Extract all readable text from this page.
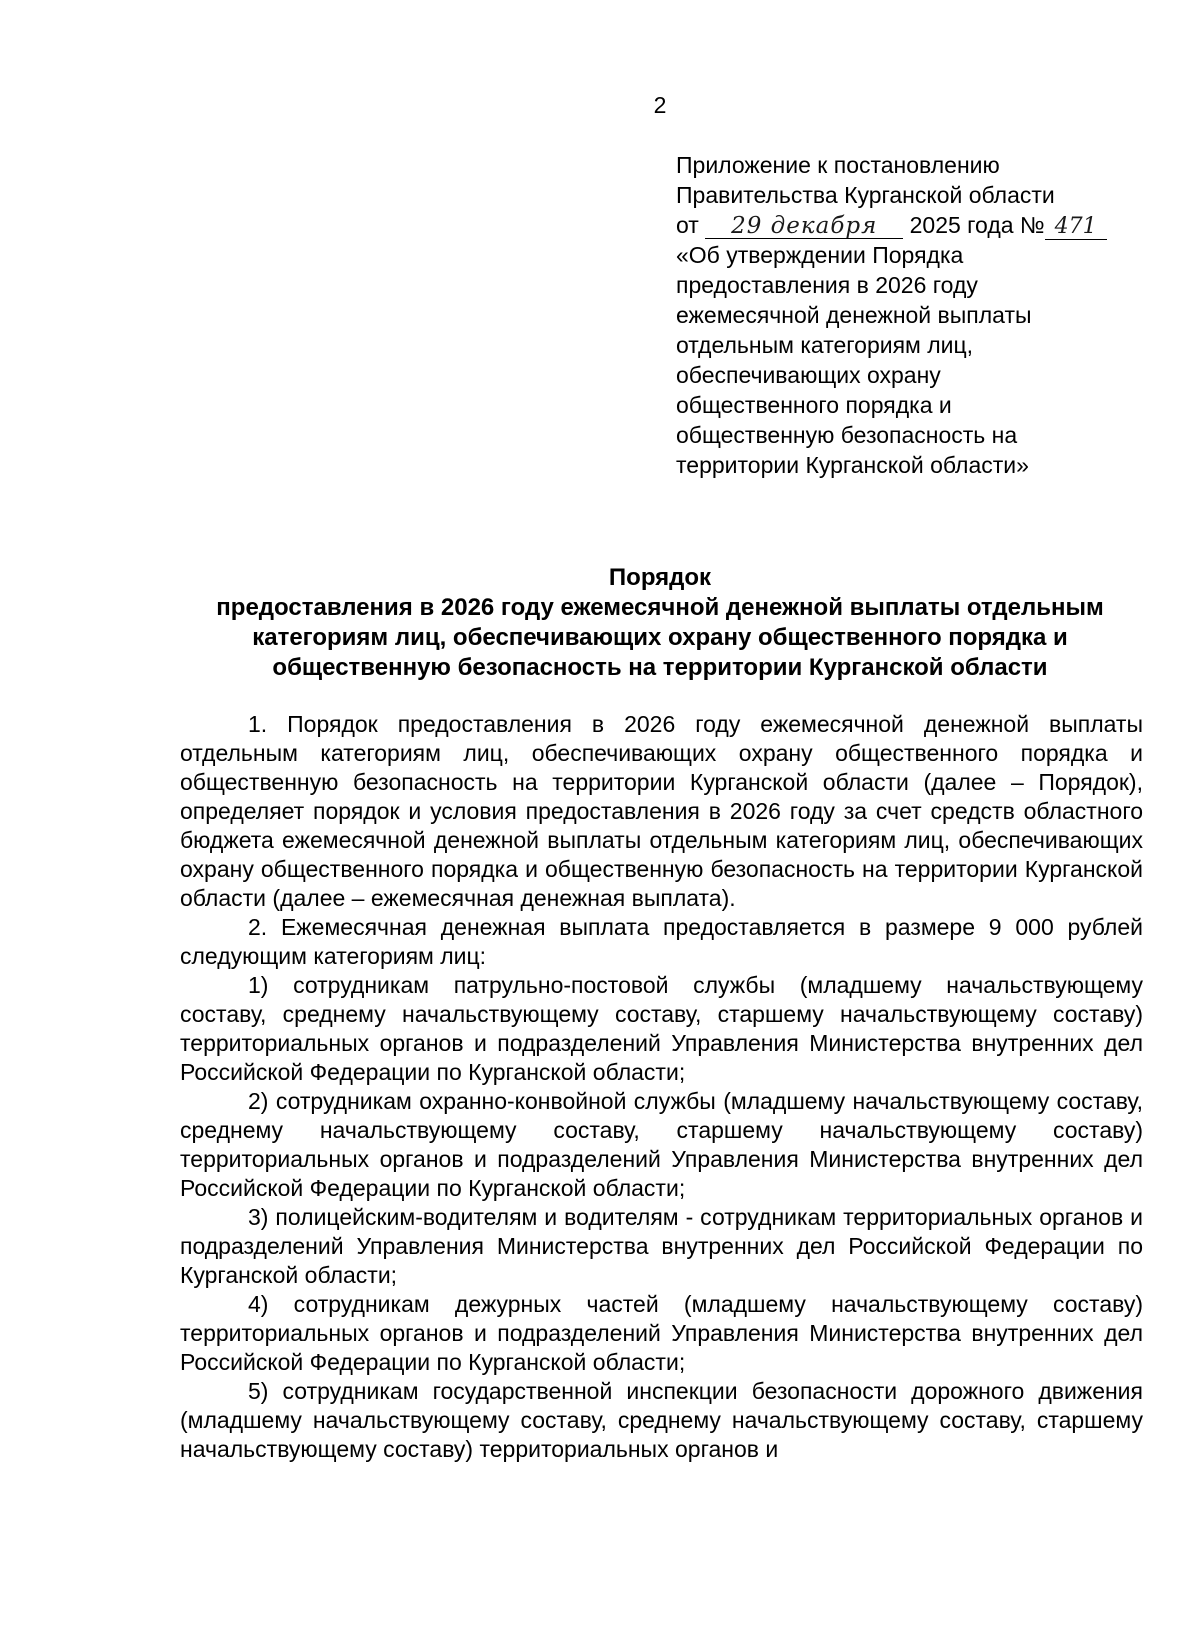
2
Приложение к постановлению
Правительства Курганской области
от 29 декабря 2025 года № 471
«Об утверждении Порядка
предоставления в 2026 году
ежемесячной денежной выплаты
отдельным категориям лиц,
обеспечивающих охрану
общественного порядка и
общественную безопасность на
территории Курганской области»
Порядок
предоставления в 2026 году ежемесячной денежной выплаты отдельным
категориям лиц, обеспечивающих охрану общественного порядка и
общественную безопасность на территории Курганской области

1. Порядок предоставления в 2026 году ежемесячной денежной выплаты отдельным категориям лиц, обеспечивающих охрану общественного порядка и общественную безопасность на территории Курганской области (далее – Порядок), определяет порядок и условия предоставления в 2026 году за счет средств областного бюджета ежемесячной денежной выплаты отдельным категориям лиц, обеспечивающих охрану общественного порядка и общественную безопасность на территории Курганской области (далее – ежемесячная денежная выплата).

2. Ежемесячная денежная выплата предоставляется в размере 9 000 рублей следующим категориям лиц:

1) сотрудникам патрульно-постовой службы (младшему начальствующему составу, среднему начальствующему составу, старшему начальствующему составу) территориальных органов и подразделений Управления Министерства внутренних дел Российской Федерации по Курганской области;

2) сотрудникам охранно-конвойной службы (младшему начальствующему составу, среднему начальствующему составу, старшему начальствующему составу) территориальных органов и подразделений Управления Министерства внутренних дел Российской Федерации по Курганской области;

3) полицейским-водителям и водителям - сотрудникам территориальных органов и подразделений Управления Министерства внутренних дел Российской Федерации по Курганской области;

4) сотрудникам дежурных частей (младшему начальствующему составу) территориальных органов и подразделений Управления Министерства внутренних дел Российской Федерации по Курганской области;

5) сотрудникам государственной инспекции безопасности дорожного движения (младшему начальствующему составу, среднему начальствующему составу, старшему начальствующему составу) территориальных органов и
